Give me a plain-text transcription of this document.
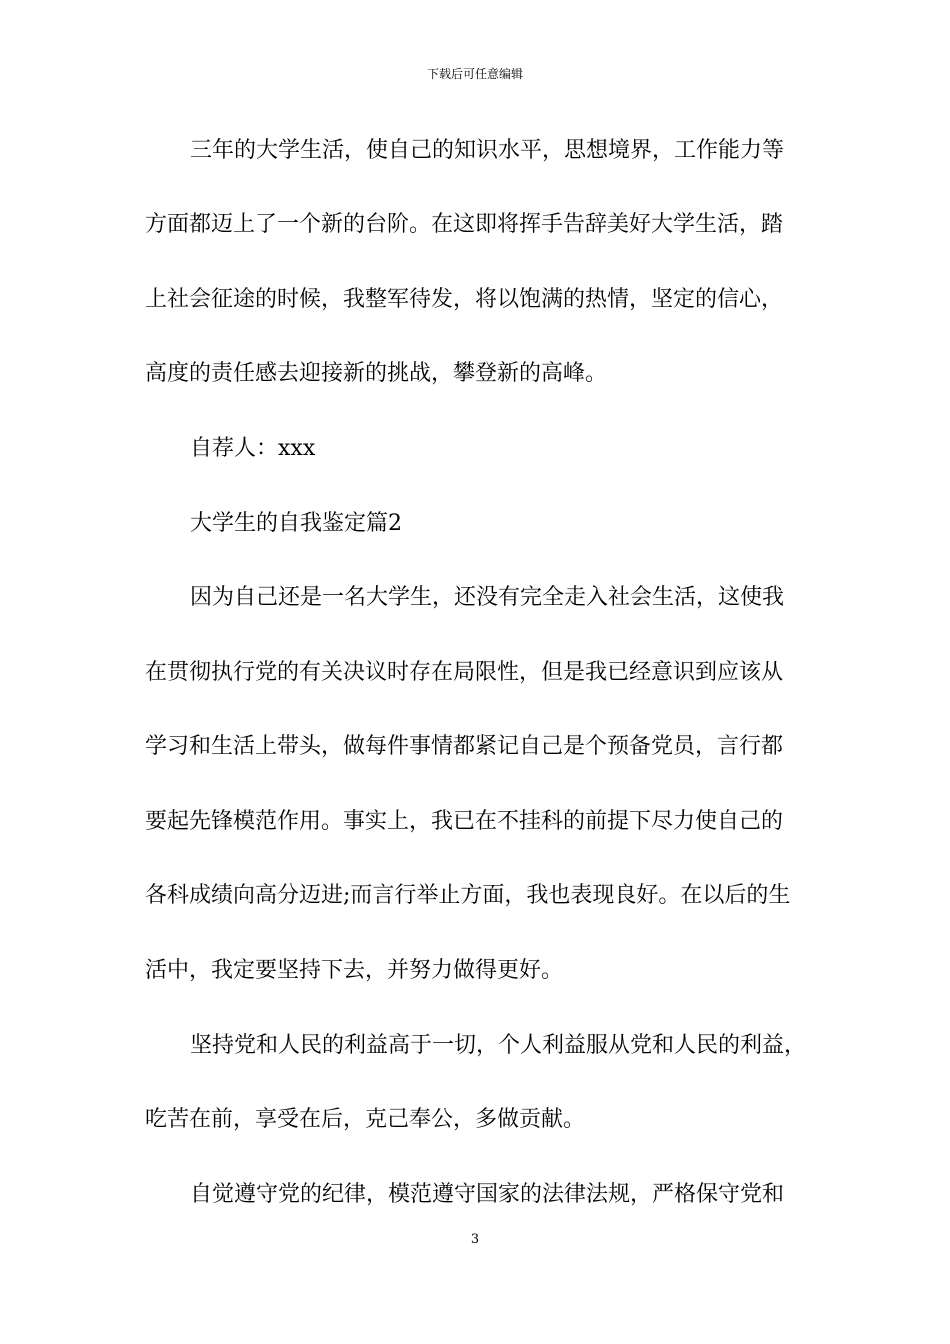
下载后可任意编辑
三年的大学生活，使自己的知识水平，思想境界，工作能力等
方面都迈上了一个新的台阶。在这即将挥手告辞美好大学生活，踏
上社会征途的时候，我整军待发，将以饱满的热情，坚定的信心，
高度的责任感去迎接新的挑战，攀登新的高峰。
自荐人：xxx
大学生的自我鉴定篇2
因为自己还是一名大学生，还没有完全走入社会生活，这使我
在贯彻执行党的有关决议时存在局限性，但是我已经意识到应该从
学习和生活上带头，做每件事情都紧记自己是个预备党员，言行都
要起先锋模范作用。事实上，我已在不挂科的前提下尽力使自己的
各科成绩向高分迈进;而言行举止方面，我也表现良好。在以后的生
活中，我定要坚持下去，并努力做得更好。
坚持党和人民的利益高于一切，个人利益服从党和人民的利益，
吃苦在前，享受在后，克己奉公，多做贡献。
自觉遵守党的纪律，模范遵守国家的法律法规，严格保守党和
3
